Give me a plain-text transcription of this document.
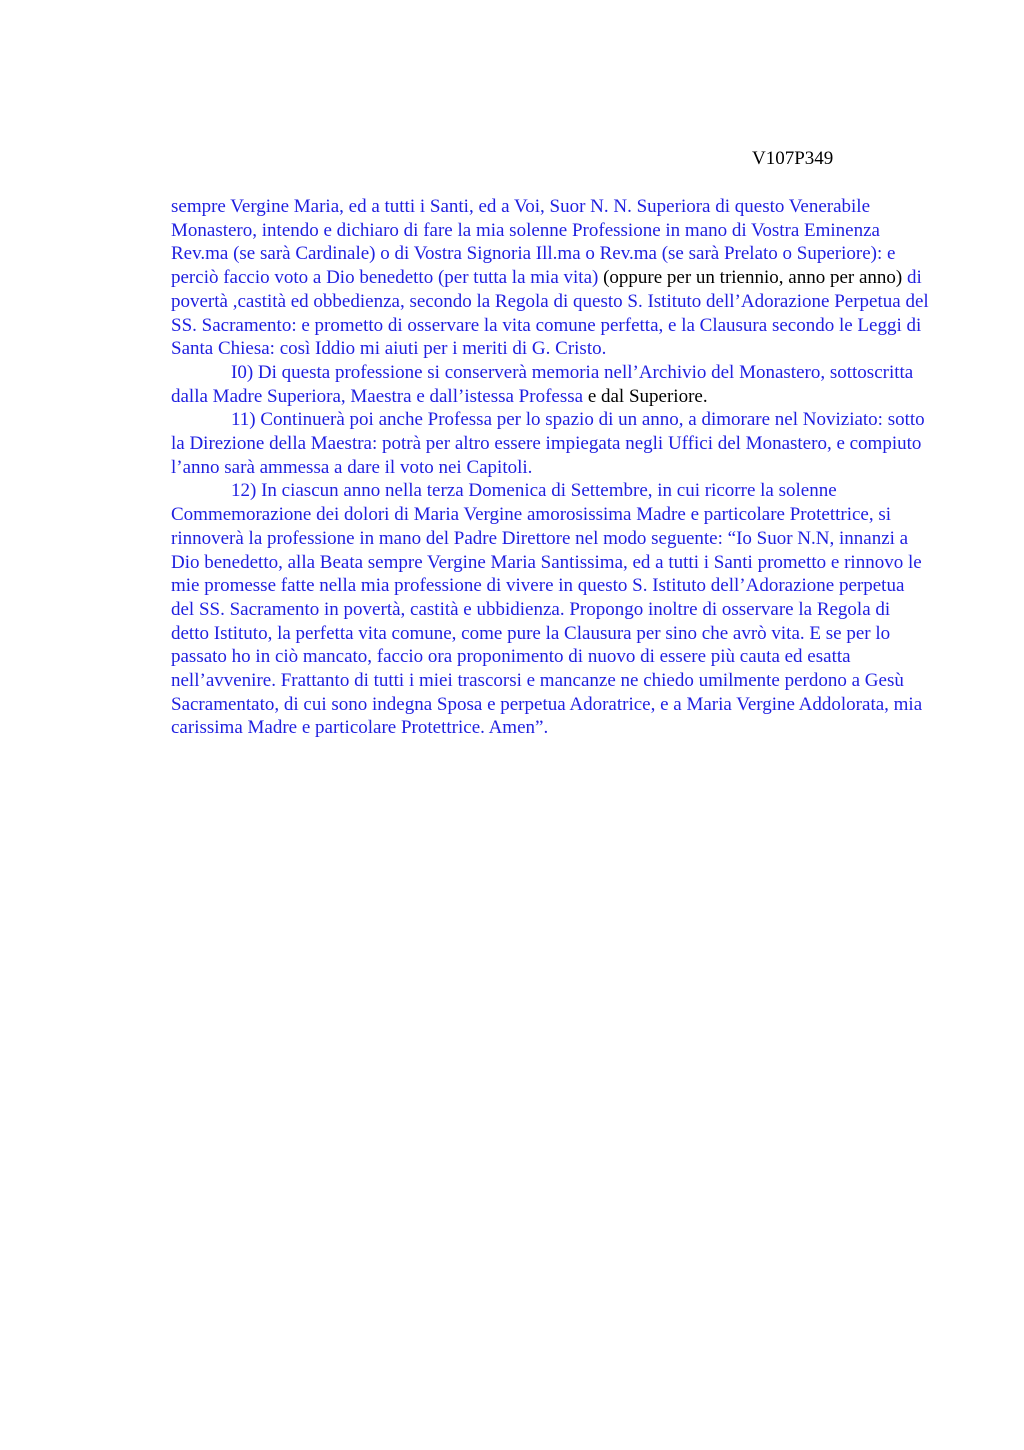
V107P349

sempre Vergine Maria, ed a tutti i Santi, ed a Voi, Suor N. N. Superiora di questo Venerabile Monastero, intendo e dichiaro di fare la mia solenne Professione in mano di Vostra Eminenza Rev.ma (se sarà Cardinale) o di Vostra Signoria Ill.ma o Rev.ma (se sarà Prelato o Superiore): e perciò faccio voto a Dio benedetto (per tutta la mia vita) (oppure per un triennio, anno per anno) di povertà ,castità ed obbedienza, secondo la Regola di questo S. Istituto dell’Adorazione Perpetua del SS. Sacramento: e prometto di osservare la vita comune perfetta, e la Clausura secondo le Leggi di Santa Chiesa: così Iddio mi aiuti per i meriti di G. Cristo.

I0) Di questa professione si conserverà memoria nell’Archivio del Monastero, sottoscritta dalla Madre Superiora, Maestra e dall’istessa Professa e dal Superiore.

11) Continuerà poi anche Professa per lo spazio di un anno, a dimorare nel Noviziato: sotto la Direzione della Maestra: potrà per altro essere impiegata negli Uffici del Monastero, e compiuto l’anno sarà ammessa a dare il voto nei Capitoli.

12) In ciascun anno nella terza Domenica di Settembre, in cui ricorre la solenne Commemorazione dei dolori di Maria Vergine amorosissima Madre e particolare Protettrice, si rinnoverà la professione in mano del Padre Direttore nel modo seguente: “Io Suor N.N, innanzi a Dio benedetto, alla Beata sempre Vergine Maria Santissima, ed a tutti i Santi prometto e rinnovo le mie promesse fatte nella mia professione di vivere in questo S. Istituto dell’Adorazione perpetua del SS. Sacramento in povertà, castità e ubbidienza. Propongo inoltre di osservare la Regola di detto Istituto, la perfetta vita comune, come pure la Clausura per sino che avrò vita. E se per lo passato ho in ciò mancato, faccio ora proponimento di nuovo di essere più cauta ed esatta nell’avvenire. Frattanto di tutti i miei trascorsi e mancanze ne chiedo umilmente perdono a Gesù Sacramentato, di cui sono indegna Sposa e perpetua Adoratrice, e a Maria Vergine Addolorata, mia carissima Madre e particolare Protettrice. Amen”.
